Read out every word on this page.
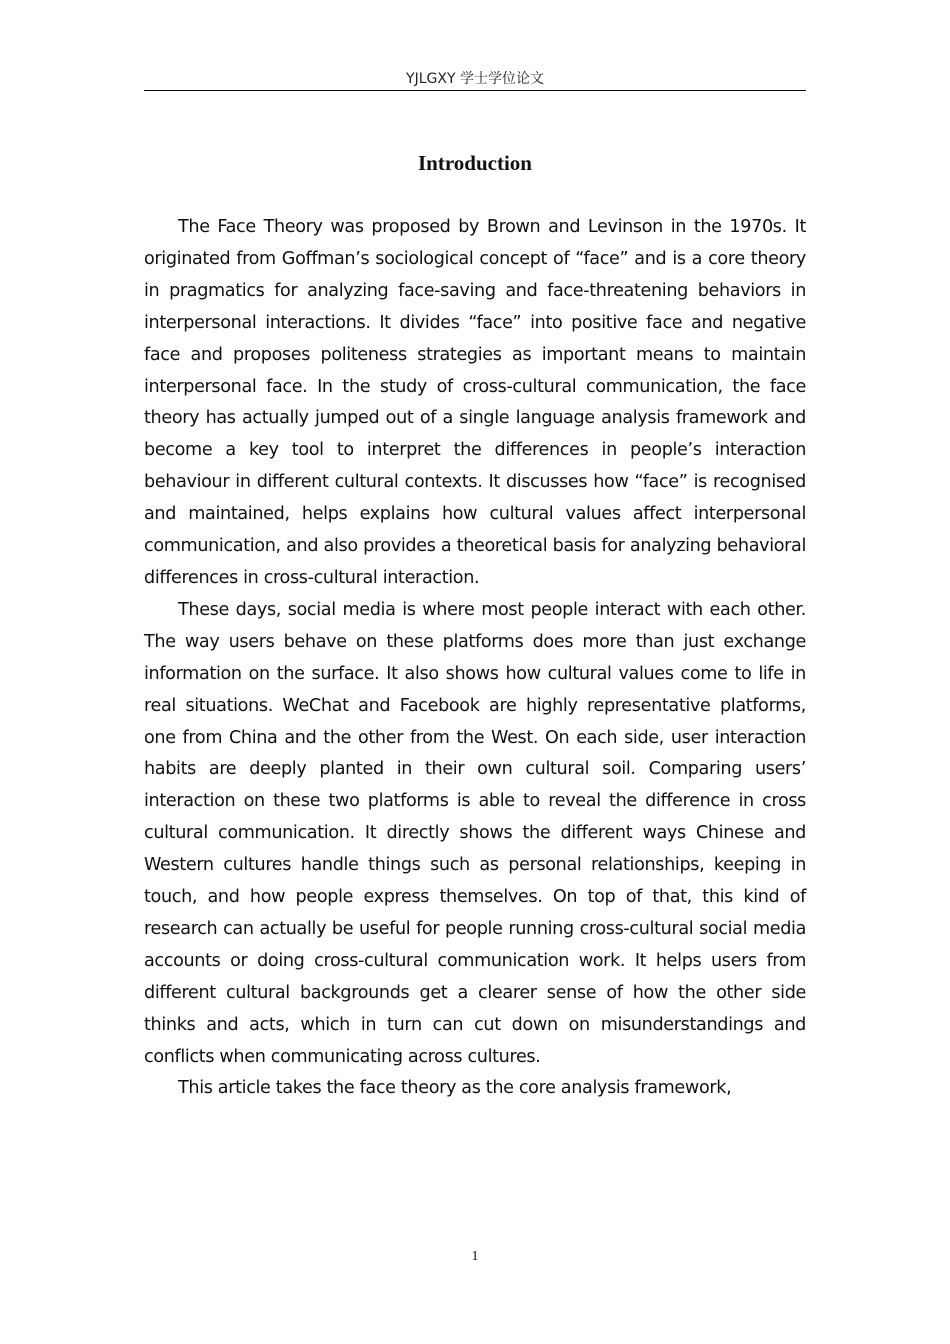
YJLGXY 学士学位论文
Introduction

The Face Theory was proposed by Brown and Levinson in the 1970s. It originated from Goffman’s sociological concept of “face” and is a core theory in pragmatics for analyzing face-saving and face-threatening behaviors in interpersonal interactions. It divides “face” into positive face and negative face and proposes politeness strategies as important means to maintain interpersonal face. In the study of cross-cultural communication, the face theory has actually jumped out of a single language analysis framework and become a key tool to interpret the differences in people’s interaction behaviour in different cultural contexts. It discusses how “face” is recognised and maintained, helps explains how cultural values affect interpersonal communication, and also provides a theoretical basis for analyzing behavioral differences in cross-cultural interaction.

These days, social media is where most people interact with each other. The way users behave on these platforms does more than just exchange information on the surface. It also shows how cultural values come to life in real situations. WeChat and Facebook are highly representative platforms, one from China and the other from the West. On each side, user interaction habits are deeply planted in their own cultural soil. Comparing users’ interaction on these two platforms is able to reveal the difference in cross cultural communication. It directly shows the different ways Chinese and Western cultures handle things such as personal relationships, keeping in touch, and how people express themselves. On top of that, this kind of research can actually be useful for people running cross-cultural social media accounts or doing cross-cultural communication work. It helps users from different cultural backgrounds get a clearer sense of how the other side thinks and acts, which in turn can cut down on misunderstandings and conflicts when communicating across cultures.

This article takes the face theory as the core analysis framework,

1
